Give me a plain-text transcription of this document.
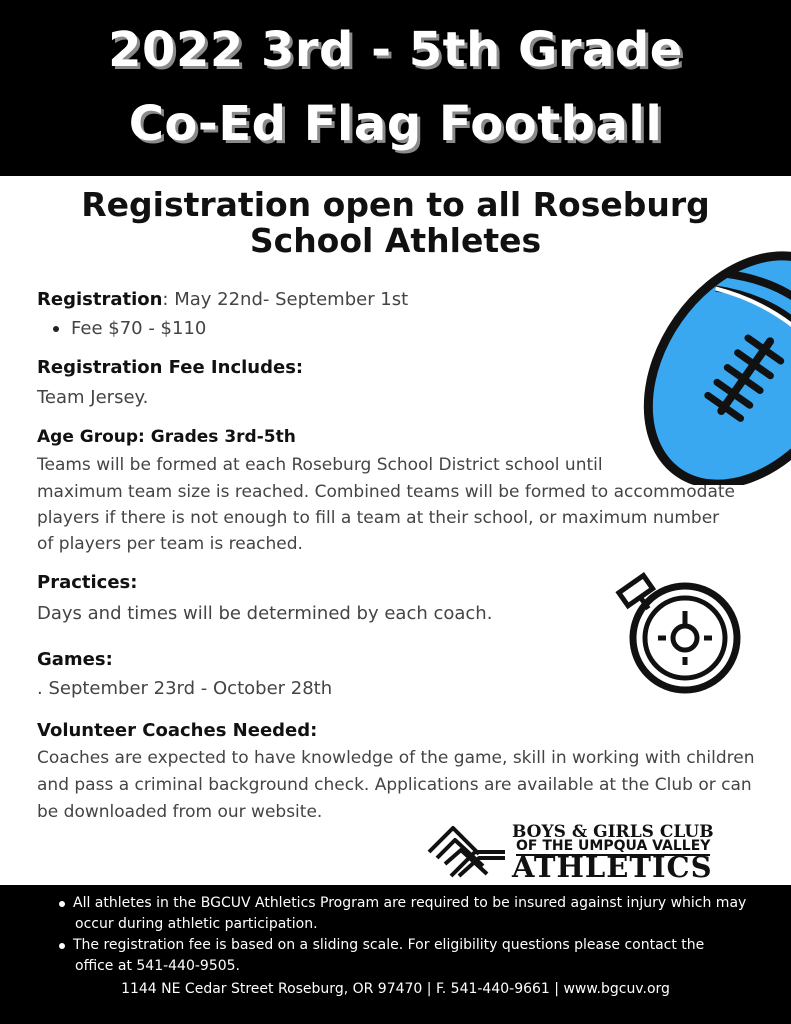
2022 3rd - 5th Grade
Co-Ed Flag Football
Registration open to all Roseburg
School Athletes
Registration: May 22nd- September 1st
Fee $70 - $110
Registration Fee Includes:
Team Jersey.
Age Group: Grades 3rd-5th
Teams will be formed at each Roseburg School District school until
maximum team size is reached. Combined teams will be formed to accommodate
players if there is not enough to fill a team at their school, or maximum number
of players per team is reached.
Practices:
Days and times will be determined by each coach.
Games:
. September 23rd - October 28th
Volunteer Coaches Needed:
Coaches are expected to have knowledge of the game, skill in working with children
and pass a criminal background check. Applications are available at the Club or can
be downloaded from our website.
BOYS & GIRLS CLUB
OF THE UMPQUA VALLEY
ATHLETICS
All athletes in the BGCUV Athletics Program are required to be insured against injury which may
occur during athletic participation.
The registration fee is based on a sliding scale. For eligibility questions please contact the
office at 541-440-9505.
1144 NE Cedar Street Roseburg, OR 97470 | F. 541-440-9661 | www.bgcuv.org
